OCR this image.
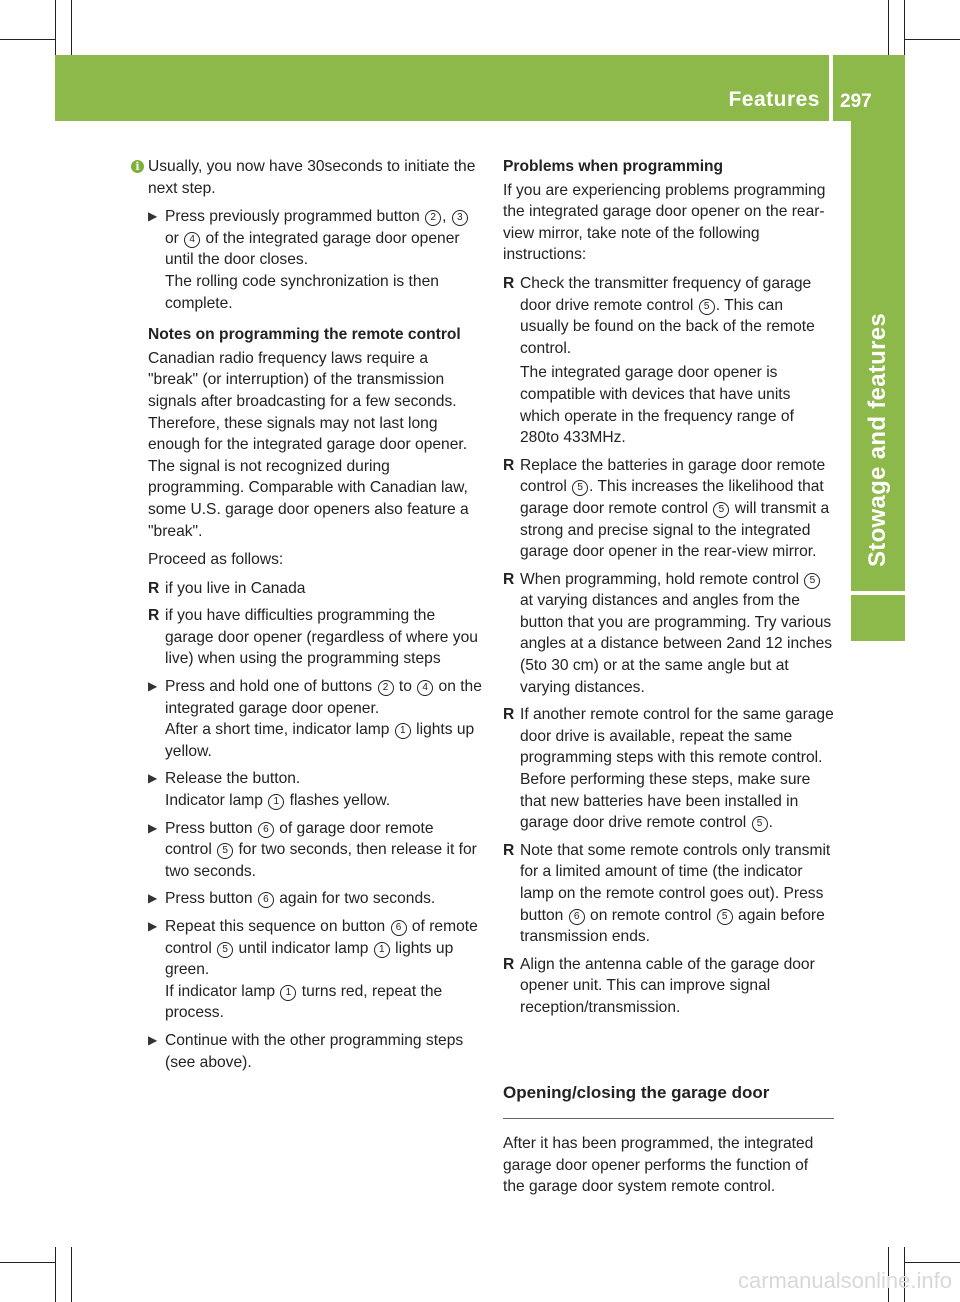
Features 297
Stowage and features

i Usually, you now have 30seconds to initiate the next step.

▶ Press previously programmed button 2 , 3 or 4 of the integrated garage door opener until the door closes.
The rolling code synchronization is then complete.

Notes on programming the remote control

Canadian radio frequency laws require a "break" (or interruption) of the transmission signals after broadcasting for a few seconds. Therefore, these signals may not last long enough for the integrated garage door opener. The signal is not recognized during programming. Comparable with Canadian law, some U.S. garage door openers also feature a "break".

Proceed as follows:

R if you live in Canada
R if you have difficulties programming the garage door opener (regardless of where you live) when using the programming steps
▶ Press and hold one of buttons 2 to 4 on the integrated garage door opener.
After a short time, indicator lamp 1 lights up yellow.
▶ Release the button.
Indicator lamp 1 flashes yellow.
▶ Press button 6 of garage door remote control 5 for two seconds, then release it for two seconds.
▶ Press button 6 again for two seconds.
▶ Repeat this sequence on button 6 of remote control 5 until indicator lamp 1 lights up green.
If indicator lamp 1 turns red, repeat the process.
▶ Continue with the other programming steps (see above).

Problems when programming

If you are experiencing problems programming the integrated garage door opener on the rear-view mirror, take note of the following instructions:

R Check the transmitter frequency of garage door drive remote control 5 . This can usually be found on the back of the remote control.
The integrated garage door opener is compatible with devices that have units which operate in the frequency range of 280to 433MHz.
R Replace the batteries in garage door remote control 5 . This increases the likelihood that garage door remote control 5 will transmit a strong and precise signal to the integrated garage door opener in the rear-view mirror.
R When programming, hold remote control 5 at varying distances and angles from the button that you are programming. Try various angles at a distance between 2and 12 inches (5to 30 cm) or at the same angle but at varying distances.
R If another remote control for the same garage door drive is available, repeat the same programming steps with this remote control. Before performing these steps, make sure that new batteries have been installed in garage door drive remote control 5 .
R Note that some remote controls only transmit for a limited amount of time (the indicator lamp on the remote control goes out). Press button 6 on remote control 5 again before transmission ends.
R Align the antenna cable of the garage door opener unit. This can improve signal reception/transmission.

Opening/closing the garage door

After it has been programmed, the integrated garage door opener performs the function of the garage door system remote control.

carmanualsonline.info
